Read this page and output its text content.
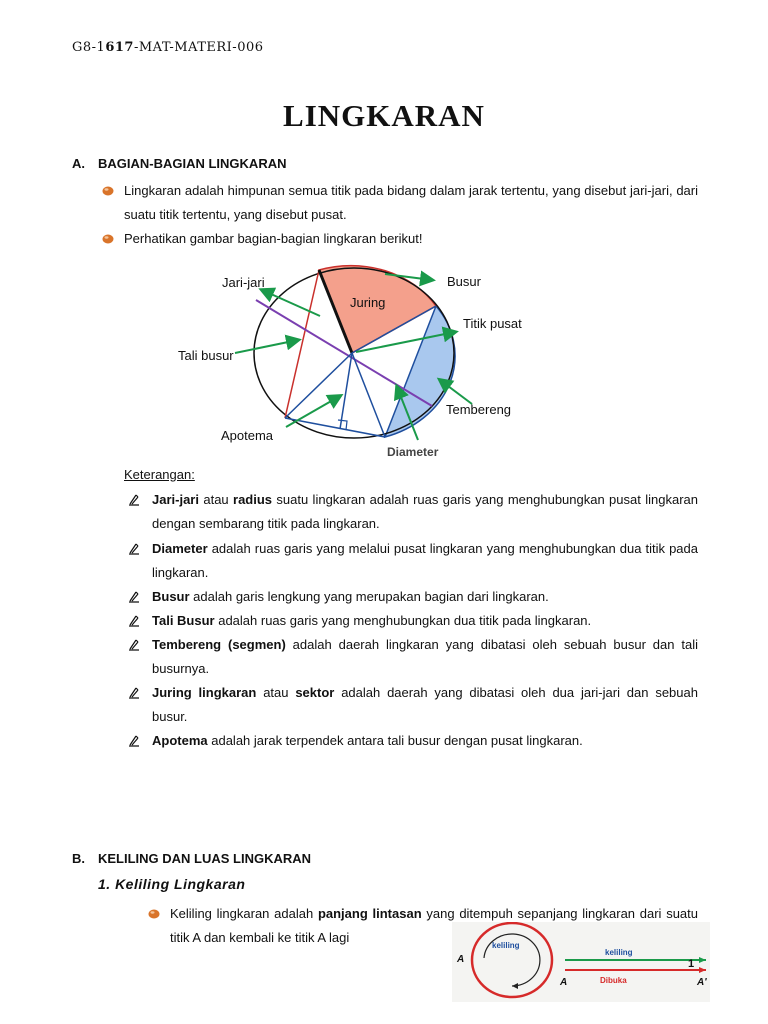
G8-1617-MAT-MATERI-006
LINGKARAN
A. BAGIAN-BAGIAN LINGKARAN
Lingkaran adalah himpunan semua titik pada bidang dalam jarak tertentu, yang disebut jari-jari, dari suatu titik tertentu, yang disebut pusat.
Perhatikan gambar bagian-bagian lingkaran berikut!
Jari-jari	Busur
Juring
Titik pusat
Tali busur
Tembereng
Apotema
Diameter
Keterangan:
Jari-jari atau radius suatu lingkaran adalah ruas garis yang menghubungkan pusat lingkaran dengan sembarang titik pada lingkaran.
Diameter adalah ruas garis yang melalui pusat lingkaran yang menghubungkan dua titik pada lingkaran.
Busur adalah garis lengkung yang merupakan bagian dari lingkaran.
Tali Busur adalah ruas garis yang menghubungkan dua titik pada lingkaran.
Tembereng (segmen) adalah daerah lingkaran yang dibatasi oleh sebuah busur dan tali busurnya.
Juring lingkaran atau sektor adalah daerah yang dibatasi oleh dua jari-jari dan sebuah busur.
Apotema adalah jarak terpendek antara tali busur dengan pusat lingkaran.
B. KELILING DAN LUAS LINGKARAN
1. Keliling Lingkaran
Keliling lingkaran adalah panjang lintasan yang ditempuh sepanjang lingkaran dari suatu titik A dan kembali ke titik A lagi
keliling
A
keliling
Dibuka
A	A'
1
